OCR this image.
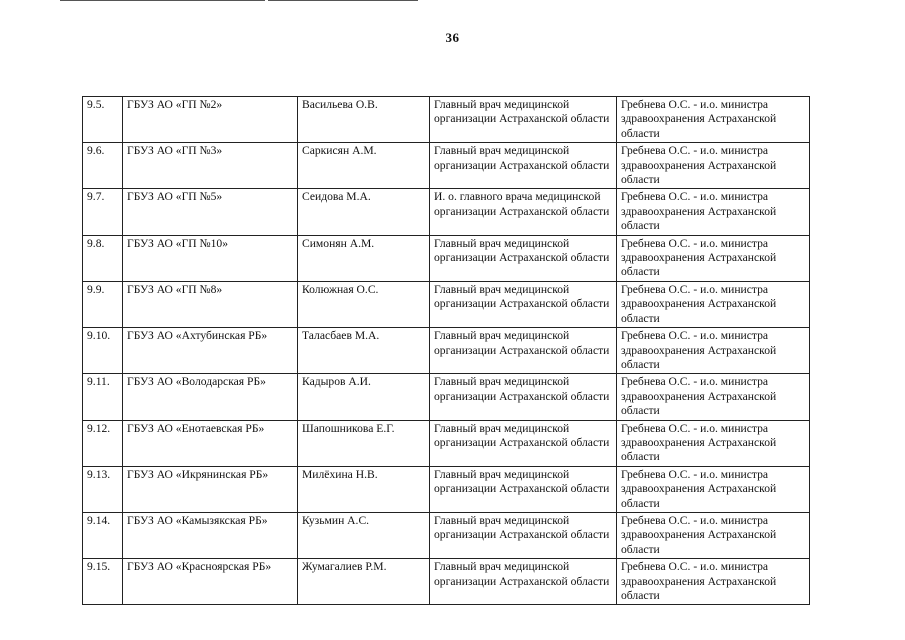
36
9.5.	ГБУЗ АО «ГП №2»	Васильева О.В.	Главный врач медицинской организации Астраханской области	Гребнева О.С. - и.о. министра здравоохранения Астраханской области
9.6.	ГБУЗ АО «ГП №3»	Саркисян А.М.	Главный врач медицинской организации Астраханской области	Гребнева О.С. - и.о. министра здравоохранения Астраханской области
9.7.	ГБУЗ АО «ГП №5»	Сеидова М.А.	И. о. главного врача медицинской организации Астраханской области	Гребнева О.С. - и.о. министра здравоохранения Астраханской области
9.8.	ГБУЗ АО «ГП №10»	Симонян А.М.	Главный врач медицинской организации Астраханской области	Гребнева О.С. - и.о. министра здравоохранения Астраханской области
9.9.	ГБУЗ АО «ГП №8»	Колюжная О.С.	Главный врач медицинской организации Астраханской области	Гребнева О.С. - и.о. министра здравоохранения Астраханской области
9.10.	ГБУЗ АО «Ахтубинская РБ»	Таласбаев М.А.	Главный врач медицинской организации Астраханской области	Гребнева О.С. - и.о. министра здравоохранения Астраханской области
9.11.	ГБУЗ АО «Володарская РБ»	Кадыров А.И.	Главный врач медицинской организации Астраханской области	Гребнева О.С. - и.о. министра здравоохранения Астраханской области
9.12.	ГБУЗ АО «Енотаевская РБ»	Шапошникова Е.Г.	Главный врач медицинской организации Астраханской области	Гребнева О.С. - и.о. министра здравоохранения Астраханской области
9.13.	ГБУЗ АО «Икрянинская РБ»	Милёхина Н.В.	Главный врач медицинской организации Астраханской области	Гребнева О.С. - и.о. министра здравоохранения Астраханской области
9.14.	ГБУЗ АО «Камызякская РБ»	Кузьмин А.С.	Главный врач медицинской организации Астраханской области	Гребнева О.С. - и.о. министра здравоохранения Астраханской области
9.15.	ГБУЗ АО «Красноярская РБ»	Жумагалиев Р.М.	Главный врач медицинской организации Астраханской области	Гребнева О.С. - и.о. министра здравоохранения Астраханской области
